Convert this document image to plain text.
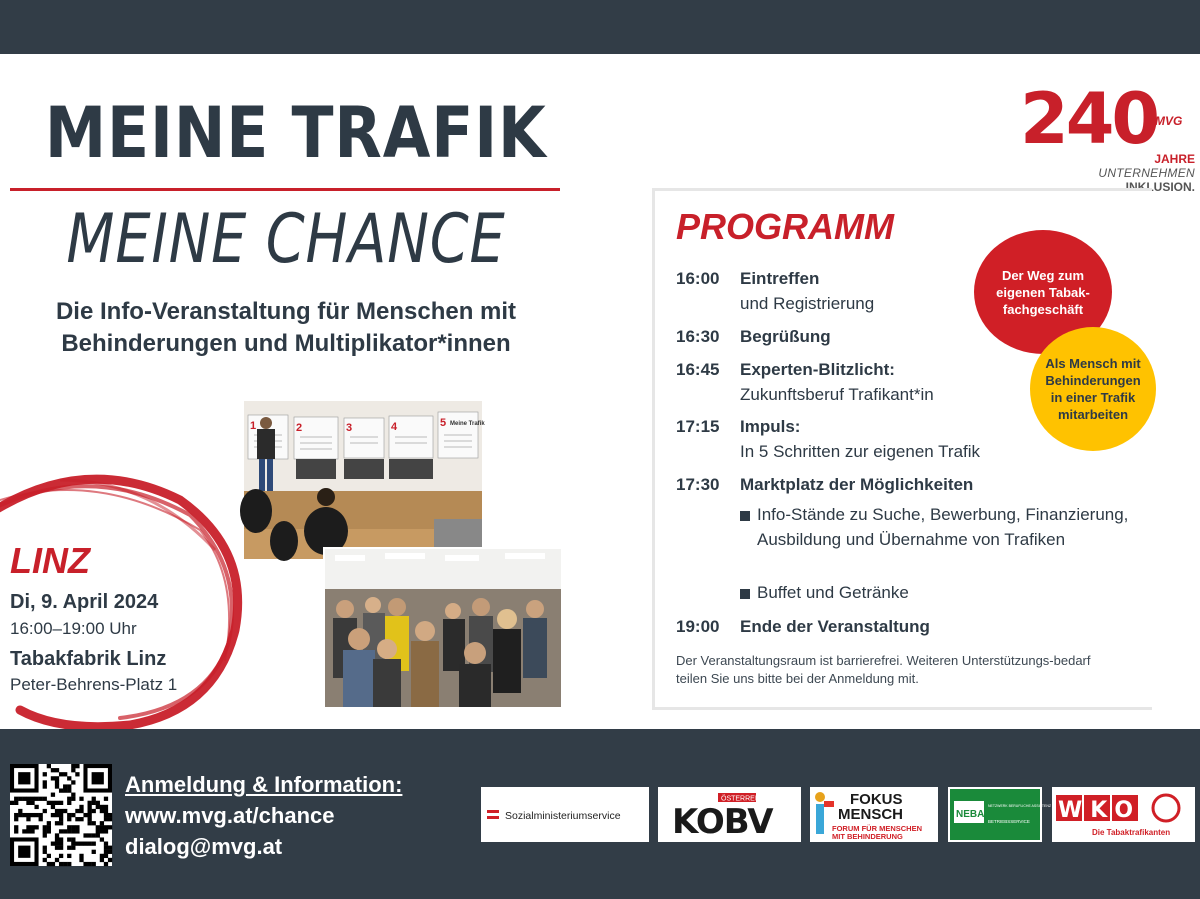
MEINE TRAFIK
MEINE CHANCE
Die Info-Veranstaltung für Menschen mit
Behinderungen und Multiplikator*innen
LINZ
Di, 9. April 2024
16:00–19:00 Uhr
Tabakfabrik Linz
Peter-Behrens-Platz 1
1	2	3	4	5 Meine Trafik
240
MVG
JAHRE
UNTERNEHMEN
INKLUSION.
PROGRAMM
16:00	Eintreffen
und Registrierung
16:30	Begrüßung
16:45	Experten-Blitzlicht:
Zukunftsberuf Trafikant*in
17:15	Impuls:
In 5 Schritten zur eigenen Trafik
17:30	Marktplatz der Möglichkeiten
Info-Stände zu Suche, Bewerbung, Finanzierung, Ausbildung und Übernahme von Trafiken
Buffet und Getränke
19:00	Ende der Veranstaltung
Der Veranstaltungsraum ist barrierefrei. Weiteren Unterstützungs-bedarf teilen Sie uns bitte bei der Anmeldung mit.
Der Weg zum eigenen Tabak-fachgeschäft
Als Mensch mit Behinderungen in einer Trafik mitarbeiten
Anmeldung & Information:
www.mvg.at/chance
dialog@mvg.at
Sozialministeriumservice
ÖSTERREICH
KOBV
FOKUS
MENSCH
FORUM FÜR MENSCHEN
MIT BEHINDERUNG
NEBA
NETZWERK BERUFLICHE ASSISTENZ
BETRIEBSSERVICE WKO
Die Tabaktrafikanten
